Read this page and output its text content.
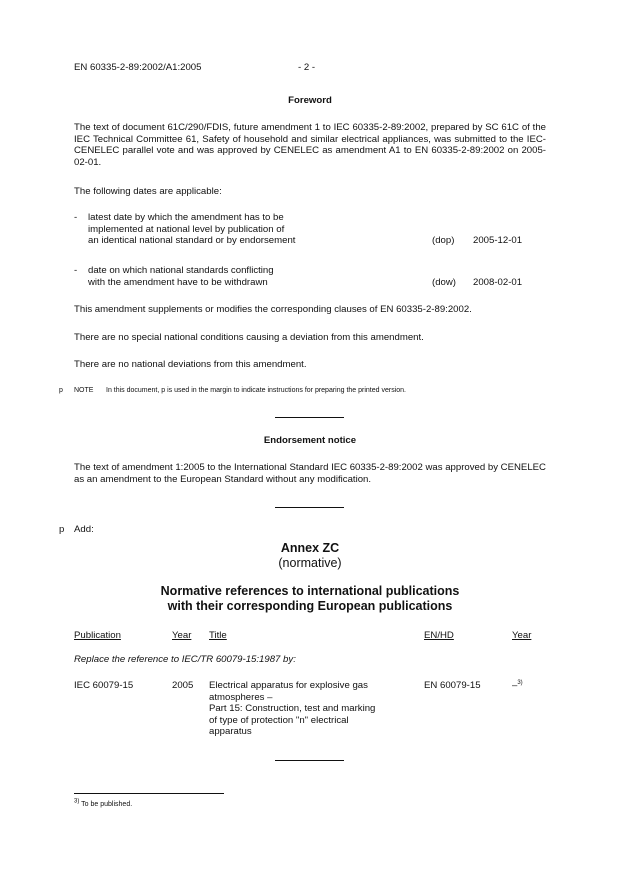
EN 60335-2-89:2002/A1:2005	- 2 -
Foreword
The text of document 61C/290/FDIS, future amendment 1 to IEC 60335-2-89:2002, prepared by SC 61C of the IEC Technical Committee 61, Safety of household and similar electrical appliances, was submitted to the IEC-CENELEC parallel vote and was approved by CENELEC as amendment A1 to EN 60335-2-89:2002 on 2005-02-01.
The following dates are applicable:
- latest date by which the amendment has to be
implemented at national level by publication of
an identical national standard or by endorsement	(dop) 2005-12-01
- date on which national standards conflicting
with the amendment have to be withdrawn	(dow) 2008-02-01
This amendment supplements or modifies the corresponding clauses of EN 60335-2-89:2002.
There are no special national conditions causing a deviation from this amendment.
There are no national deviations from this amendment.
p NOTE In this document, p is used in the margin to indicate instructions for preparing the printed version.
Endorsement notice
The text of amendment 1:2005 to the International Standard IEC 60335-2-89:2002 was approved by CENELEC as an amendment to the European Standard without any modification.
p Add:
Annex ZC
(normative)
Normative references to international publications
with their corresponding European publications
Publication	Year Title	EN/HD	Year
Replace the reference to IEC/TR 60079-15:1987 by:
IEC 60079-15	2005 Electrical apparatus for explosive gas
atmospheres –
Part 15: Construction, test and marking
of type of protection "n" electrical
apparatus
EN 60079-15	–$^{3)}$
$^{3)}$ To be published.
